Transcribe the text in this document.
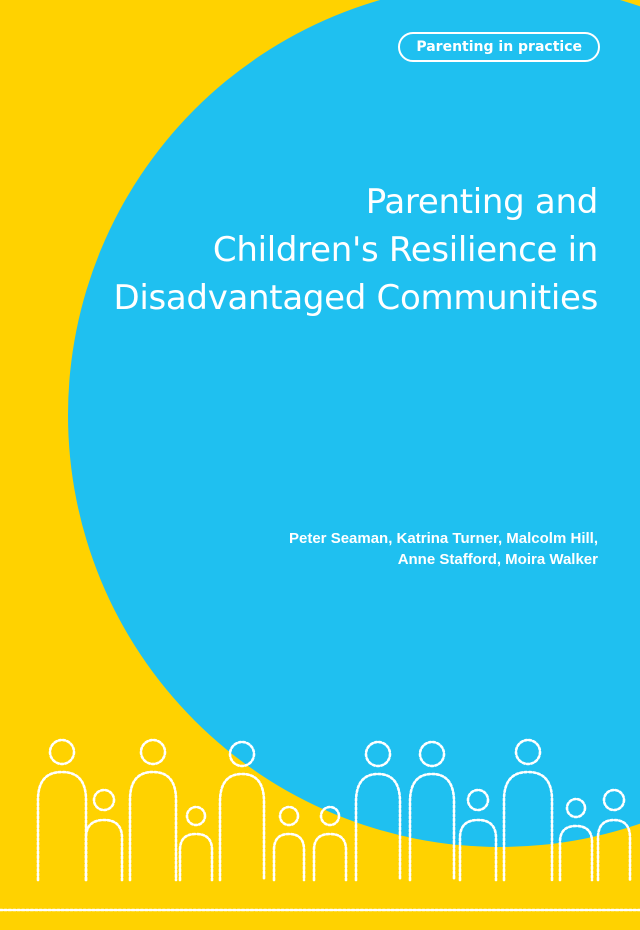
Parenting in practice
Parenting and
Children's Resilience in
Disadvantaged Communities
Peter Seaman, Katrina Turner, Malcolm Hill,
Anne Stafford, Moira Walker
